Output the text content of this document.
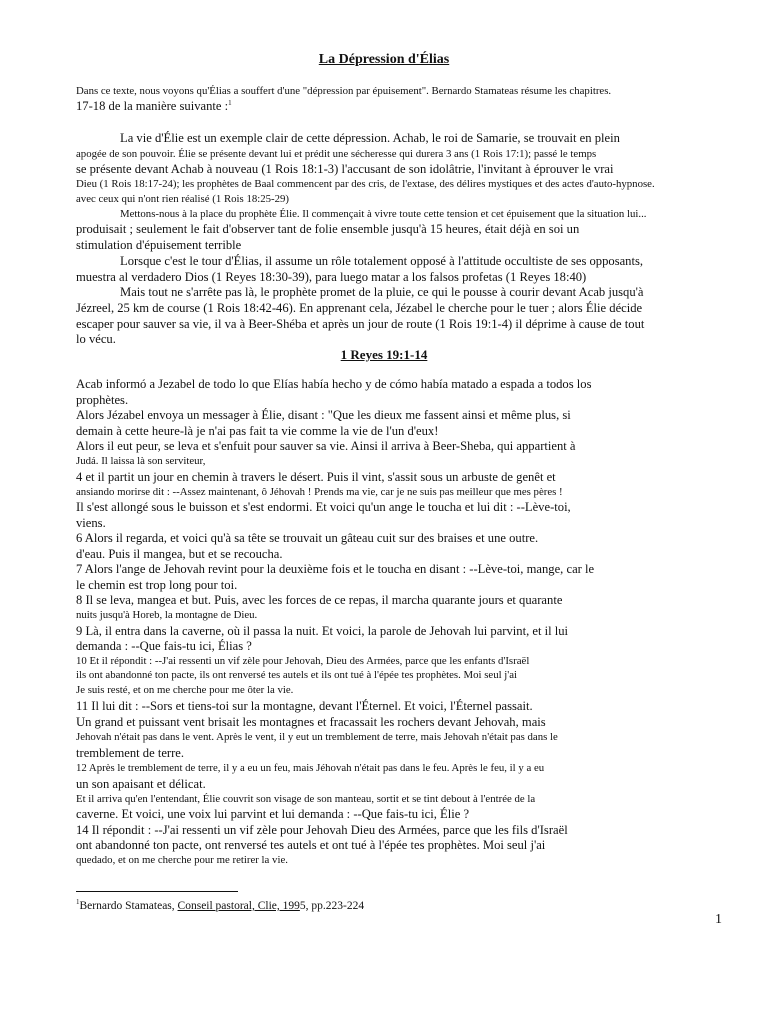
La Dépression d'Élias
Dans ce texte, nous voyons qu'Élias a souffert d'une "dépression par épuisement". Bernardo Stamateas résume les chapitres.
17-18 de la manière suivante :$^1$
La vie d'Élie est un exemple clair de cette dépression. Achab, le roi de Samarie, se trouvait en plein
apogée de son pouvoir. Élie se présente devant lui et prédit une sécheresse qui durera 3 ans (1 Rois 17:1); passé le temps
se présente devant Achab à nouveau (1 Rois 18:1-3) l'accusant de son idolâtrie, l'invitant à éprouver le vrai
Dieu (1 Rois 18:17-24); les prophètes de Baal commencent par des cris, de l'extase, des délires mystiques et des actes d'auto-hypnose.
avec ceux qui n'ont rien réalisé (1 Rois 18:25-29)
Mettons-nous à la place du prophète Élie. Il commençait à vivre toute cette tension et cet épuisement que la situation lui...
produisait ; seulement le fait d'observer tant de folie ensemble jusqu'à 15 heures, était déjà en soi un
stimulation d'épuisement terrible
Lorsque c'est le tour d'Élias, il assume un rôle totalement opposé à l'attitude occultiste de ses opposants,
muestra al verdadero Dios (1 Reyes 18:30-39), para luego matar a los falsos profetas (1 Reyes 18:40)
Mais tout ne s'arrête pas là, le prophète promet de la pluie, ce qui le pousse à courir devant Acab jusqu'à
Jézreel, 25 km de course (1 Rois 18:42-46). En apprenant cela, Jézabel le cherche pour le tuer ; alors Élie décide
escaper pour sauver sa vie, il va à Beer-Shéba et après un jour de route (1 Rois 19:1-4) il déprime à cause de tout
lo vécu.
1 Reyes 19:1-14
Acab informó a Jezabel de todo lo que Elías había hecho y de cómo había matado a espada a todos los
prophètes.
Alors Jézabel envoya un messager à Élie, disant : "Que les dieux me fassent ainsi et même plus, si
demain à cette heure-là je n'ai pas fait ta vie comme la vie de l'un d'eux!
Alors il eut peur, se leva et s'enfuit pour sauver sa vie. Ainsi il arriva à Beer-Sheba, qui appartient à
Judá. Il laissa là son serviteur,
4 et il partit un jour en chemin à travers le désert. Puis il vint, s'assit sous un arbuste de genêt et
ansiando morirse dit : --Assez maintenant, ô Jéhovah ! Prends ma vie, car je ne suis pas meilleur que mes pères !
Il s'est allongé sous le buisson et s'est endormi. Et voici qu'un ange le toucha et lui dit : --Lève-toi,
viens.
6 Alors il regarda, et voici qu'à sa tête se trouvait un gâteau cuit sur des braises et une outre.
d'eau. Puis il mangea, but et se recoucha.
7 Alors l'ange de Jehovah revint pour la deuxième fois et le toucha en disant : --Lève-toi, mange, car le
le chemin est trop long pour toi.
8 Il se leva, mangea et but. Puis, avec les forces de ce repas, il marcha quarante jours et quarante
nuits jusqu'à Horeb, la montagne de Dieu.
9 Là, il entra dans la caverne, où il passa la nuit. Et voici, la parole de Jehovah lui parvint, et il lui
demanda : --Que fais-tu ici, Élias ?
10 Et il répondit : --J'ai ressenti un vif zèle pour Jehovah, Dieu des Armées, parce que les enfants d'Israël
ils ont abandonné ton pacte, ils ont renversé tes autels et ils ont tué à l'épée tes prophètes. Moi seul j'ai
Je suis resté, et on me cherche pour me ôter la vie.
11 Il lui dit : --Sors et tiens-toi sur la montagne, devant l'Éternel. Et voici, l'Éternel passait.
Un grand et puissant vent brisait les montagnes et fracassait les rochers devant Jehovah, mais
Jehovah n'était pas dans le vent. Après le vent, il y eut un tremblement de terre, mais Jehovah n'était pas dans le
tremblement de terre.
12 Après le tremblement de terre, il y a eu un feu, mais Jéhovah n'était pas dans le feu. Après le feu, il y a eu
un son apaisant et délicat.
Et il arriva qu'en l'entendant, Élie couvrit son visage de son manteau, sortit et se tint debout à l'entrée de la
caverne. Et voici, une voix lui parvint et lui demanda : --Que fais-tu ici, Élie ?
14 Il répondit : --J'ai ressenti un vif zèle pour Jehovah Dieu des Armées, parce que les fils d'Israël
ont abandonné ton pacte, ont renversé tes autels et ont tué à l'épée tes prophètes. Moi seul j'ai
quedado, et on me cherche pour me retirer la vie.
$^1$Bernardo Stamateas, Conseil pastoral, Clie, 1995, pp.223-224
1
